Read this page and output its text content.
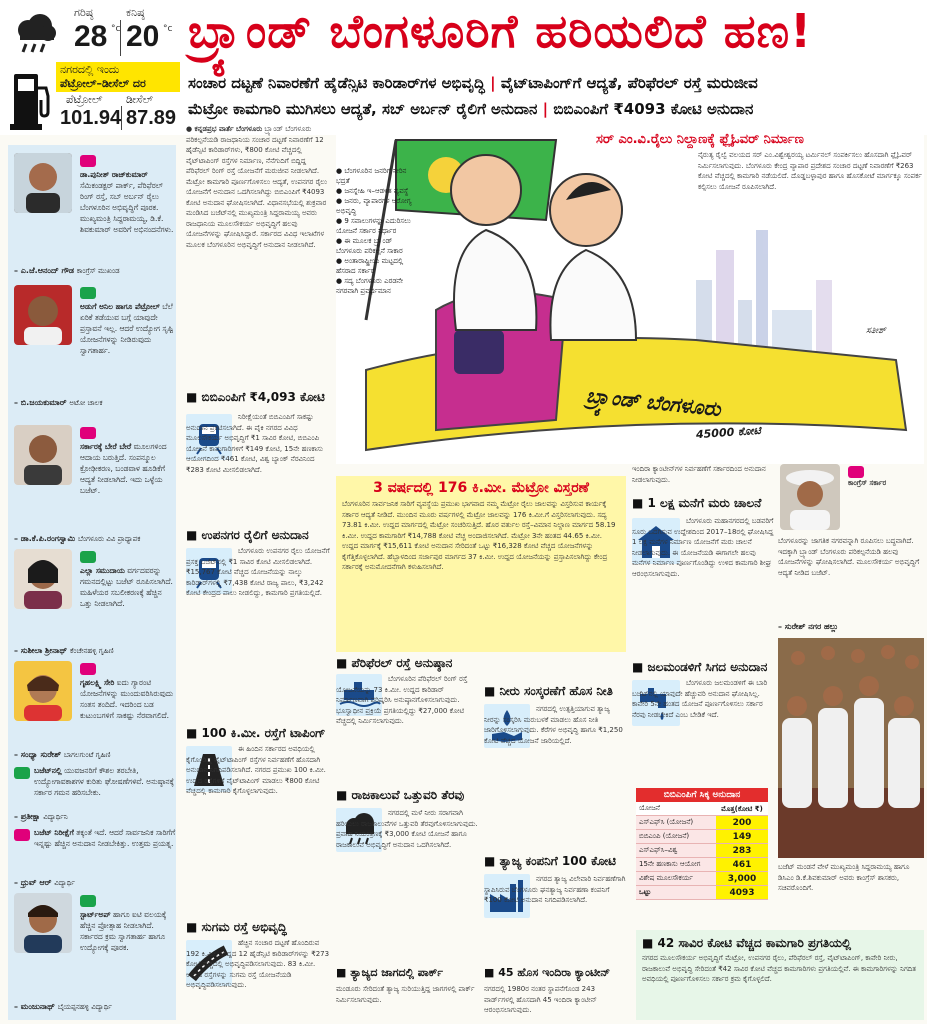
ಗರಿಷ್ಠ	ಕನಿಷ್ಠ
28 °c 20 °c
ನಗರದಲ್ಲಿ ಇಂದು
ಪೆಟ್ರೋಲ್–ಡೀಸೆಲ್ ದರ
ಪೆಟ್ರೋಲ್ ಡೀಸೆಲ್
101.94 87.89
ಬ್ರ್ಯಾಂಡ್ ಬೆಂಗಳೂರಿಗೆ ಹರಿಯಲಿದೆ ಹಣ!
ಸಂಚಾರ ದಟ್ಟಣೆ ನಿವಾರಣೆಗೆ ಹೈಡೆನ್ಸಿಟಿ ಕಾರಿಡಾರ್‌ಗಳ ಅಭಿವೃದ್ಧಿ | ವೈಟ್‌ಟಾಪಿಂಗ್‌ಗೆ ಆದ್ಯತೆ, ಪೆರಿಫೆರಲ್ ರಸ್ತೆ ಮರುಜೀವ
ಮೆಟ್ರೋ ಕಾಮಗಾರಿ ಮುಗಿಸಲು ಆದ್ಯತೆ, ಸಬ್ ಅರ್ಬನ್ ರೈಲಿಗೆ ಅನುದಾನ | ಬಿಬಿಎಂಪಿಗೆ ₹4093 ಕೋಟಿ ಅನುದಾನ
ಡಾ.ಪುನೀತ್ ರಾಜ್‌ಕುಮಾರ್ ಸೆಮಿಕಂಡಕ್ಟರ್ ಪಾರ್ಕ್, ಪೆರಿಫೆರಲ್ ರಿಂಗ್ ರಸ್ತೆ, ಸಬ್ ಅರ್ಬನ್ ರೈಲು ಬೆಂಗಳೂರಿನ ಅಭಿವೃದ್ಧಿಗೆ ಪೂರಕ. ಮುಖ್ಯಮಂತ್ರಿ ಸಿದ್ದರಾಮಯ್ಯ, ಡಿ.ಕೆ. ಶಿವಕುಮಾರ್ ಅವರಿಗೆ ಅಭಿನಂದನೆಗಳು.
– ಎ.ಜೆ.ಆನಂದ್ ಗೌಡ ಕಾಂಗ್ರೆಸ್ ಮುಖಂಡ
ಅಡುಗೆ ಅನಿಲ ಹಾಗೂ ಪೆಟ್ರೋಲ್ ಬೆಲೆ ಏರಿಕೆ ತಡೆಯುವ ಬಗ್ಗೆ ಯಾವುದೇ ಪ್ರಸ್ತಾವನೆ ಇಲ್ಲ. ಆದರೆ ಉದ್ಯೋಗ ಸೃಷ್ಟಿ ಯೋಜನೆಗಳನ್ನು ನೀಡಿರುವುದು ಸ್ವಾಗತಾರ್ಹ.
– ಬಿ.ಜಯಕುಮಾರ್ ಅಟೋ ಚಾಲಕ
ಸರ್ಕಾರಕ್ಕೆ ಬೇರೆ ಬೇರೆ ಮೂಲಗಳಿಂದ ಆದಾಯ ಬರುತ್ತಿದೆ. ಸಂಪನ್ಮೂಲ ಕ್ರೋಢೀಕರಣ, ಬಂಡವಾಳ ಹೂಡಿಕೆಗೆ ಆದ್ಯತೆ ನೀಡಲಾಗಿದೆ. ಇದು ಒಳ್ಳೆಯ ಬಜೆಟ್.
– ಡಾ.ಕೆ.ಪಿ.ರಂಗಸ್ವಾಮಿ ಬೆಂಗಳೂರು ವಿವಿ ಪ್ರಾಧ್ಯಾಪಕ
ಎಲ್ಲಾ ಸಮುದಾಯ ವರ್ಗದವರನ್ನು ಗಮನದಲ್ಲಿಟ್ಟು ಬಜೆಟ್ ರೂಪಿಸಲಾಗಿದೆ. ಮಹಿಳೆಯರ ಸಬಲೀಕರಣಕ್ಕೆ ಹೆಚ್ಚಿನ ಒತ್ತು ನೀಡಲಾಗಿದೆ.
– ಸುಶೀಲಾ ಶ್ರೀನಾಥ್ ಕೆಂಚೇನಹಳ್ಳಿ ಗೃಹಿಣಿ
ಗೃಹಲಕ್ಷ್ಮಿ ಸೇರಿ ಐದು ಗ್ಯಾರಂಟಿ ಯೋಜನೆಗಳನ್ನು ಮುಂದುವರಿಸಿರುವುದು ಸಂತಸ ತಂದಿದೆ. ಇದರಿಂದ ಬಡ ಕುಟುಂಬಗಳಿಗೆ ಸಾಕಷ್ಟು ನೆರವಾಗಲಿದೆ.
– ಸಂಧ್ಯಾ ಸುರೇಶ್ ಬಾಗಲಗುಂಟೆ ಗೃಹಿಣಿ
ಬಜೆಟ್‌ನಲ್ಲಿ ಯುವಜನರಿಗೆ ಕೌಶಲ ತರಬೇತಿ, ಉದ್ಯೋಗಾವಕಾಶಗಳ ಕುರಿತು ಘೋಷಣೆಗಳಿವೆ. ಅನುಷ್ಠಾನಕ್ಕೆ ಸರ್ಕಾರ ಗಮನ ಹರಿಸಬೇಕು.
– ಪ್ರತೀಕ್ಷಾ ವಿದ್ಯಾರ್ಥಿನಿ
ಬಜೆಟ್ ನಿರೀಕ್ಷೆಗೆ ತಕ್ಕಂತೆ ಇದೆ. ಆದರೆ ಸಾರ್ವಜನಿಕ ಸಾರಿಗೆಗೆ ಇನ್ನಷ್ಟು ಹೆಚ್ಚಿನ ಅನುದಾನ ನೀಡಬೇಕಿತ್ತು. ಉತ್ತಮ ಪ್ರಯತ್ನ.
– ಧ್ರುವ್ ಆರ್ ವಿದ್ಯಾರ್ಥಿ
ಸ್ಟಾರ್ಟ್‌ಅಪ್‌ ಹಾಗೂ ಐಟಿ ವಲಯಕ್ಕೆ ಹೆಚ್ಚಿನ ಪ್ರೋತ್ಸಾಹ ನೀಡಲಾಗಿದೆ. ಸರ್ಕಾರದ ಕ್ರಮ ಸ್ವಾಗತಾರ್ಹ ಹಾಗೂ ಉದ್ಯೋಗಕ್ಕೆ ಪೂರಕ.
– ಮಂಜುನಾಥ್ ಬೈಯಪ್ಪನಹಳ್ಳಿ ವಿದ್ಯಾರ್ಥಿ
● ಕನ್ನಡಪ್ರಭ ವಾರ್ತೆ ಬೆಂಗಳೂರು ಬ್ರ್ಯಾಂಡ್ ಬೆಂಗಳೂರು ಪರಿಕಲ್ಪನೆಯಡಿ ರಾಜಧಾನಿಯ ಸಂಚಾರ ದಟ್ಟಣೆ ನಿವಾರಣೆಗೆ 12 ಹೈಡೆನ್ಸಿಟಿ ಕಾರಿಡಾರ್‌ಗಳು, ₹800 ಕೋಟಿ ವೆಚ್ಚದಲ್ಲಿ ವೈಟ್‌ಟಾಪಿಂಗ್ ರಸ್ತೆಗಳ ನಿರ್ಮಾಣ, ನೆನೆಗುದಿಗೆ ಬಿದ್ದಿದ್ದ ಪೆರಿಫೆರಲ್ ರಿಂಗ್ ರಸ್ತೆ ಯೋಜನೆಗೆ ಮರುಜೀವ ನೀಡಲಾಗಿದೆ. ಮೆಟ್ರೋ ಕಾಮಗಾರಿ ಪೂರ್ಣಗೊಳಿಸಲು ಆದ್ಯತೆ, ಉಪನಗರ ರೈಲು ಯೋಜನೆಗೆ ಅನುದಾನ ಒದಗಿಸಲಾಗಿದ್ದು ಬಿಬಿಎಂಪಿಗೆ ₹4093 ಕೋಟಿ ಅನುದಾನ ಘೋಷಿಸಲಾಗಿದೆ. ವಿಧಾನಸಭೆಯಲ್ಲಿ ಶುಕ್ರವಾರ ಮಂಡಿಸಿದ ಬಜೆಟ್‌ನಲ್ಲಿ ಮುಖ್ಯಮಂತ್ರಿ ಸಿದ್ದರಾಮಯ್ಯ ಅವರು ರಾಜಧಾನಿಯ ಮೂಲಸೌಕರ್ಯ ಅಭಿವೃದ್ಧಿಗೆ ಹಲವು ಯೋಜನೆಗಳನ್ನು ಘೋಷಿಸಿದ್ದಾರೆ. ಸರ್ಕಾರದ ವಿವಿಧ ಇಲಾಖೆಗಳ ಮೂಲಕ ಬೆಂಗಳೂರಿನ ಅಭಿವೃದ್ಧಿಗೆ ಅನುದಾನ ನೀಡಲಾಗಿದೆ.
■ ಬಿಬಿಎಂಪಿಗೆ ₹4,093 ಕೋಟಿ
ನಿರೀಕ್ಷೆಯಂತೆ ಬಿಬಿಎಂಪಿಗೆ ಸಾಕಷ್ಟು ಅನುದಾನ ಪ್ರಕಟಿಸಲಾಗಿದೆ. ಈ ಪೈಕಿ ನಗರದ ವಿವಿಧ ಮೂಲಸೌಕರ್ಯ ಅಭಿವೃದ್ಧಿಗೆ ₹1 ಸಾವಿರ ಕೋಟಿ, ಬಿಬಿಎಂಪಿ ಯೋಜನೆ ಕಾಮಗಾರಿಗಳಿಗೆ ₹149 ಕೋಟಿ, 15ನೇ ಹಣಕಾಸು ಆಯೋಗದಿಂದ ₹461 ಕೋಟಿ, ವಿಶ್ವ ಬ್ಯಾಂಕ್ ನೆರವಿನಿಂದ ₹283 ಕೋಟಿ ಮೀಸಲಿಡಲಾಗಿದೆ.
■ ಉಪನಗರ ರೈಲಿಗೆ ಅನುದಾನ
ಬೆಂಗಳೂರು ಉಪನಗರ ರೈಲು ಯೋಜನೆಗೆ ಪ್ರಸಕ್ತ ಬಜೆಟ್‌ನಲ್ಲಿ ₹1 ಸಾವಿರ ಕೋಟಿ ಮೀಸಲಿಡಲಾಗಿದೆ. ₹15,767 ಕೋಟಿ ವೆಚ್ಚದ ಯೋಜನೆಯನ್ನು ನಾಲ್ಕು ಕಾರಿಡಾರ್‌ಗಳಲ್ಲಿ ₹7,438 ಕೋಟಿ ರಾಜ್ಯ ಪಾಲು, ₹3,242 ಕೋಟಿ ಕೇಂದ್ರದ ಪಾಲು ನೀಡಲಿದ್ದು, ಕಾಮಗಾರಿ ಪ್ರಗತಿಯಲ್ಲಿದೆ.
■ 100 ಕಿ.ಮೀ. ರಸ್ತೆಗೆ ಟಾಪಿಂಗ್
ಈ ಹಿಂದಿನ ಸರ್ಕಾರದ ಅವಧಿಯಲ್ಲಿ ಕೈಗೊಂಡಿದ್ದ ವೈಟ್‌ಟಾಪಿಂಗ್ ರಸ್ತೆಗಳ ನಿರ್ವಹಣೆಗೆ ಹೊಸದಾಗಿ ಅನುದಾನ ನಿಗದಿಪಡಿಸಲಾಗಿದೆ. ನಗರದ ಪ್ರಮುಖ 100 ಕಿ.ಮೀ. ಉದ್ದದ ರಸ್ತೆಗಳಿಗೆ ವೈಟ್‌ಟಾಪಿಂಗ್ ಮಾಡಲು ₹800 ಕೋಟಿ ವೆಚ್ಚದಲ್ಲಿ ಕಾಮಗಾರಿ ಕೈಗೊಳ್ಳಲಾಗುವುದು.
■ ಸುಗಮ ರಸ್ತೆ ಅಭಿವೃದ್ಧಿ
ಹೆಚ್ಚಿನ ಸಂಚಾರ ದಟ್ಟಣೆ ಹೊಂದಿರುವ 192 ಕಿ.ಮೀ. ಉದ್ದದ 12 ಹೈಡೆನ್ಸಿಟಿ ಕಾರಿಡಾರ್‌ಗಳನ್ನು ₹273 ಕೋಟಿ ವೆಚ್ಚದಲ್ಲಿ ಅಭಿವೃದ್ಧಿಪಡಿಸಲಾಗುವುದು. 83 ಕಿ.ಮೀ. ಉದ್ದದ ರಸ್ತೆಗಳನ್ನು ಸುಗಮ ರಸ್ತೆ ಯೋಜನೆಯಡಿ ಅಭಿವೃದ್ಧಿಪಡಿಸಲಾಗುವುದು.
ಸರ್ ಎಂ.ವಿ.ರೈಲು ನಿಲ್ದಾಣಕ್ಕೆ ಫ್ಲೈಓವರ್ ನಿರ್ಮಾಣ
ನೈರುತ್ಯ ರೈಲ್ವೆ ವಲಯದ ಸರ್ ಎಂ.ವಿಶ್ವೇಶ್ವರಯ್ಯ ಟರ್ಮಿನಲ್ ಸಂಪರ್ಕಿಸಲು ಹೊಸದಾಗಿ ಫ್ಲೈಓವರ್ ನಿರ್ಮಿಸಲಾಗುವುದು. ಬೆಂಗಳೂರು ಕೇಂದ್ರ ವ್ಯಾಪಾರ ಪ್ರದೇಶದ ಸಂಚಾರ ದಟ್ಟಣೆ ನಿವಾರಣೆಗೆ ₹263 ಕೋಟಿ ವೆಚ್ಚದಲ್ಲಿ ಕಾಮಗಾರಿ ನಡೆಯಲಿದೆ. ದೊಡ್ಡಬಳ್ಳಾಪುರ ಹಾಗೂ ಹೊಸಕೋಟೆ ಮಾರ್ಗಕ್ಕೂ ಸಂಪರ್ಕ ಕಲ್ಪಿಸಲು ಯೋಜನೆ ರೂಪಿಸಲಾಗಿದೆ.
● ಬೆಂಗಳೂರಿನ ಜನರಿಗೆ ನೀರಿನ ಭದ್ರತೆ
● ಜನಸ್ನೇಹಿ ಇ–ಆಡಳಿತ ವ್ಯವಸ್ಥೆ
● ಜನರು, ವ್ಯಾಪಾರಗಳ ಆರೋಗ್ಯ ಅಭಿವೃದ್ಧಿ
● 9 ಸವಾಲುಗಳನ್ನು ಎದುರಿಸಲು ಯೋಜನೆ ಸರ್ಕಾರ ನಿರ್ಧಾರ
● ಈ ಮೂಲಕ ಬ್ರ್ಯಾಂಡ್ ಬೆಂಗಳೂರು ಪರಿಕಲ್ಪನೆ ಸಾಕಾರ
● ಅಂತಾರಾಷ್ಟ್ರೀಯ ಮಟ್ಟದಲ್ಲಿ ಹೆಸರಾದ ಸರ್ಕಾರ
● ಸದ್ಯ ಬೆಂಗಳೂರು ಎರಡನೇ ನಗರವಾಗಿ ಪ್ರವರ್ಧಮಾನ
ಬ್ರ್ಯಾಂಡ್ ಬೆಂಗಳೂರು
45000 ಕೋಟಿ
ಸತೀಶ್
3 ವರ್ಷದಲ್ಲಿ 176 ಕಿ.ಮೀ. ಮೆಟ್ರೋ ವಿಸ್ತರಣೆ
ಬೆಂಗಳೂರಿನ ಸಾರ್ವಜನಿಕ ಸಾರಿಗೆ ವ್ಯವಸ್ಥೆಯ ಪ್ರಮುಖ ಭಾಗವಾದ ನಮ್ಮ ಮೆಟ್ರೋ ರೈಲು ಜಾಲವನ್ನು ವಿಸ್ತರಿಸುವ ಕಾರ್ಯಕ್ಕೆ ಸರ್ಕಾರ ಆದ್ಯತೆ ನೀಡಿದೆ. ಮುಂದಿನ ಮೂರು ವರ್ಷಗಳಲ್ಲಿ ಮೆಟ್ರೋ ಜಾಲವನ್ನು 176 ಕಿ.ಮೀ.ಗೆ ವಿಸ್ತರಿಸಲಾಗುವುದು. ಸದ್ಯ 73.81 ಕಿ.ಮೀ. ಉದ್ದದ ಮಾರ್ಗದಲ್ಲಿ ಮೆಟ್ರೋ ಸಂಚರಿಸುತ್ತಿದೆ. ಹೊರ ವರ್ತುಲ ರಸ್ತೆ–ವಿಮಾನ ನಿಲ್ದಾಣ ಮಾರ್ಗದ 58.19 ಕಿ.ಮೀ. ಉದ್ದದ ಕಾಮಗಾರಿಗೆ ₹14,788 ಕೋಟಿ ವೆಚ್ಚ ಅಂದಾಜಿಸಲಾಗಿದೆ. ಮೆಟ್ರೋ 3ನೇ ಹಂತದ 44.65 ಕಿ.ಮೀ. ಉದ್ದದ ಮಾರ್ಗಕ್ಕೆ ₹15,611 ಕೋಟಿ ಅನುದಾನ ಸೇರಿದಂತೆ ಒಟ್ಟು ₹16,328 ಕೋಟಿ ವೆಚ್ಚದ ಯೋಜನೆಗಳನ್ನು ಕೈಗೆತ್ತಿಕೊಳ್ಳಲಾಗಿದೆ. ಹೆಬ್ಬಾಳದಿಂದ ಸರ್ಜಾಪುರ ಮಾರ್ಗದ 37 ಕಿ.ಮೀ. ಉದ್ದದ ಯೋಜನೆಯನ್ನು ಪ್ರಸ್ತಾಪಿಸಲಾಗಿದ್ದು ಕೇಂದ್ರ ಸರ್ಕಾರಕ್ಕೆ ಅನುಮೋದನೆಗಾಗಿ ಕಳುಹಿಸಲಾಗಿದೆ.
■ ಪೆರಿಫೆರಲ್ ರಸ್ತೆ ಅನುಷ್ಠಾನ
ಬೆಂಗಳೂರಿನ ಪೆರಿಫೆರಲ್ ರಿಂಗ್ ರಸ್ತೆ ಯೋಜನೆಯನ್ನು 73 ಕಿ.ಮೀ. ಉದ್ದದ ಕಾರಿಡಾರ್ ನಿರ್ಮಾಣವಾಗಿ ಪರಿಷ್ಕರಿಸಿ ಅನುಷ್ಠಾನಗೊಳಿಸಲಾಗುವುದು. ಭೂಸ್ವಾಧೀನ ಪ್ರಕ್ರಿಯೆ ಪ್ರಗತಿಯಲ್ಲಿದ್ದು ₹27,000 ಕೋಟಿ ವೆಚ್ಚದಲ್ಲಿ ನಿರ್ಮಿಸಲಾಗುವುದು.
■ ರಾಜಕಾಲುವೆ ಒತ್ತುವರಿ ತೆರವು
ನಗರದಲ್ಲಿ ಮಳೆ ನೀರು ಸರಾಗವಾಗಿ ಹರಿಯಲು ರಾಜಕಾಲುವೆಗಳ ಒತ್ತುವರಿ ತೆರವುಗೊಳಿಸಲಾಗುವುದು. ಪ್ರವಾಹ ನಿಯಂತ್ರಣಕ್ಕೆ ₹3,000 ಕೋಟಿ ಯೋಜನೆ ಹಾಗೂ ರಾಜಕಾಲುವೆ ಅಭಿವೃದ್ಧಿಗೆ ಅನುದಾನ ಒದಗಿಸಲಾಗಿದೆ.
■ ತ್ಯಾಜ್ಯದ ಜಾಗದಲ್ಲಿ ಪಾರ್ಕ್
ಮಂಡೂರು ಸೇರಿದಂತೆ ತ್ಯಾಜ್ಯ ಸುರಿಯುತ್ತಿದ್ದ ಜಾಗಗಳಲ್ಲಿ ಪಾರ್ಕ್ ನಿರ್ಮಿಸಲಾಗುವುದು.
■ ನೀರು ಸಂಸ್ಕರಣೆಗೆ ಹೊಸ ನೀತಿ
ನಗರದಲ್ಲಿ ಉತ್ಪತ್ತಿಯಾಗುವ ತ್ಯಾಜ್ಯ ನೀರನ್ನು ಸಂಸ್ಕರಿಸಿ ಮರುಬಳಕೆ ಮಾಡಲು ಹೊಸ ನೀತಿ ಜಾರಿಗೊಳಿಸಲಾಗುವುದು. ಕೆರೆಗಳ ಅಭಿವೃದ್ಧಿ ಹಾಗೂ ₹1,250 ಕೋಟಿ ವೆಚ್ಚದ ಯೋಜನೆ ಜಾರಿಯಲ್ಲಿದೆ.
■ ತ್ಯಾಜ್ಯ ಕಂಪನಿಗೆ 100 ಕೋಟಿ
ನಗರದ ತ್ಯಾಜ್ಯ ವಿಲೇವಾರಿ ನಿರ್ವಹಣೆಗಾಗಿ ಸ್ಥಾಪಿಸಿರುವ ಬೆಂಗಳೂರು ಘನತ್ಯಾಜ್ಯ ನಿರ್ವಹಣಾ ಕಂಪನಿಗೆ ₹100 ಕೋಟಿ ಅನುದಾನ ನಿಗದಿಪಡಿಸಲಾಗಿದೆ.
■ 45 ಹೊಸ ಇಂದಿರಾ ಕ್ಯಾಂಟೀನ್
ನಗರದಲ್ಲಿ 1980ರ ನಂತರ ಸ್ಥಾಪನೆಗೊಂಡ 243 ವಾರ್ಡ್‌ಗಳಲ್ಲಿ ಹೊಸದಾಗಿ 45 ಇಂದಿರಾ ಕ್ಯಾಂಟೀನ್ ಆರಂಭಿಸಲಾಗುವುದು.
ಇಂದಿರಾ ಕ್ಯಾಂಟೀನ್‌ಗಳ ನಿರ್ವಹಣೆಗೆ ಸರ್ಕಾರದಿಂದ ಅನುದಾನ ನೀಡಲಾಗುವುದು.
■ 1 ಲಕ್ಷ ಮನೆಗೆ ಮರು ಚಾಲನೆ
ಬೆಂಗಳೂರು ಮಹಾನಗರದಲ್ಲಿ ಬಡವರಿಗೆ ಸೂರು ಒದಗಿಸುವ ಉದ್ದೇಶದಿಂದ 2017–18ರಲ್ಲಿ ಘೋಷಿಸಿದ್ದ 1 ಲಕ್ಷ ಮನೆಗಳ ನಿರ್ಮಾಣ ಯೋಜನೆಗೆ ಮರು ಚಾಲನೆ ನೀಡಲಾಗುವುದು. ಈ ಯೋಜನೆಯಡಿ ಈಗಾಗಲೇ ಹಲವು ಮನೆಗಳ ನಿರ್ಮಾಣ ಪೂರ್ಣಗೊಂಡಿದ್ದು ಉಳಿದ ಕಾಮಗಾರಿ ಶೀಘ್ರ ಆರಂಭಿಸಲಾಗುವುದು.
■ ಜಲಮಂಡಳಿಗೆ ಸಿಗದ ಅನುದಾನ
ಬೆಂಗಳೂರು ಜಲಮಂಡಳಿಗೆ ಈ ಬಾರಿ ಬಜೆಟ್‌ನಲ್ಲಿ ಯಾವುದೇ ಹೆಚ್ಚುವರಿ ಅನುದಾನ ಘೋಷಿಸಿಲ್ಲ. ಕಾವೇರಿ 5ನೇ ಹಂತದ ಯೋಜನೆ ಪೂರ್ಣಗೊಳಿಸಲು ಸರ್ಕಾರ ನೆರವು ನೀಡಬೇಕಿದೆ ಎಂಬ ಬೇಡಿಕೆ ಇದೆ.
ಬಿಬಿಎಂಪಿಗೆ ಸಿಕ್ಕ ಅನುದಾನ
ಯೋಜನೆ	ಮೊತ್ತ(ಕೋಟಿ ₹)
ಎಸ್ಎಫ್‌ಸಿ (ಯೋಜನೆ)	200
ಬಿಬಿಎಂಪಿ (ಯೋಜನೆ)	149
ಎಸ್ಎಫ್‌ಸಿ–ವಿಶ್ವ	283
15ನೇ ಹಣಕಾಸು ಆಯೋಗ	461
ವಿಶೇಷ ಮೂಲಸೌಕರ್ಯ	3,000
ಒಟ್ಟು	4093
ಕಾಂಗ್ರೆಸ್ ಸರ್ಕಾರ
ಬೆಂಗಳೂರನ್ನು ಜಾಗತಿಕ ನಗರವನ್ನಾಗಿ ರೂಪಿಸಲು ಬದ್ಧವಾಗಿದೆ. ಇದಕ್ಕಾಗಿ ಬ್ರ್ಯಾಂಡ್ ಬೆಂಗಳೂರು ಪರಿಕಲ್ಪನೆಯಡಿ ಹಲವು ಯೋಜನೆಗಳನ್ನು ಘೋಷಿಸಲಾಗಿದೆ. ಮೂಲಸೌಕರ್ಯ ಅಭಿವೃದ್ಧಿಗೆ ಆದ್ಯತೆ ನೀಡಿದ ಬಜೆಟ್.
– ಸುರೇಶ್ ನಗರ ಹಲ್ಲು
ಬಜೆಟ್ ಮಂಡನೆ ವೇಳೆ ಮುಖ್ಯಮಂತ್ರಿ ಸಿದ್ದರಾಮಯ್ಯ ಹಾಗೂ ಡಿಸಿಎಂ ಡಿ.ಕೆ.ಶಿವಕುಮಾರ್ ಅವರು ಕಾಂಗ್ರೆಸ್ ಶಾಸಕರು, ಸಚಿವರೊಂದಿಗೆ.
■ 42 ಸಾವಿರ ಕೋಟಿ ವೆಚ್ಚದ ಕಾಮಗಾರಿ ಪ್ರಗತಿಯಲ್ಲಿ
ನಗರದ ಮೂಲಸೌಕರ್ಯ ಅಭಿವೃದ್ಧಿಗೆ ಮೆಟ್ರೋ, ಉಪನಗರ ರೈಲು, ಪೆರಿಫೆರಲ್ ರಸ್ತೆ, ವೈಟ್‌ಟಾಪಿಂಗ್, ಕಾವೇರಿ ನೀರು, ರಾಜಕಾಲುವೆ ಅಭಿವೃದ್ಧಿ ಸೇರಿದಂತೆ ₹42 ಸಾವಿರ ಕೋಟಿ ವೆಚ್ಚದ ಕಾಮಗಾರಿಗಳು ಪ್ರಗತಿಯಲ್ಲಿವೆ. ಈ ಕಾಮಗಾರಿಗಳನ್ನು ನಿಗದಿತ ಅವಧಿಯಲ್ಲಿ ಪೂರ್ಣಗೊಳಿಸಲು ಸರ್ಕಾರ ಕ್ರಮ ಕೈಗೊಳ್ಳಲಿದೆ.
